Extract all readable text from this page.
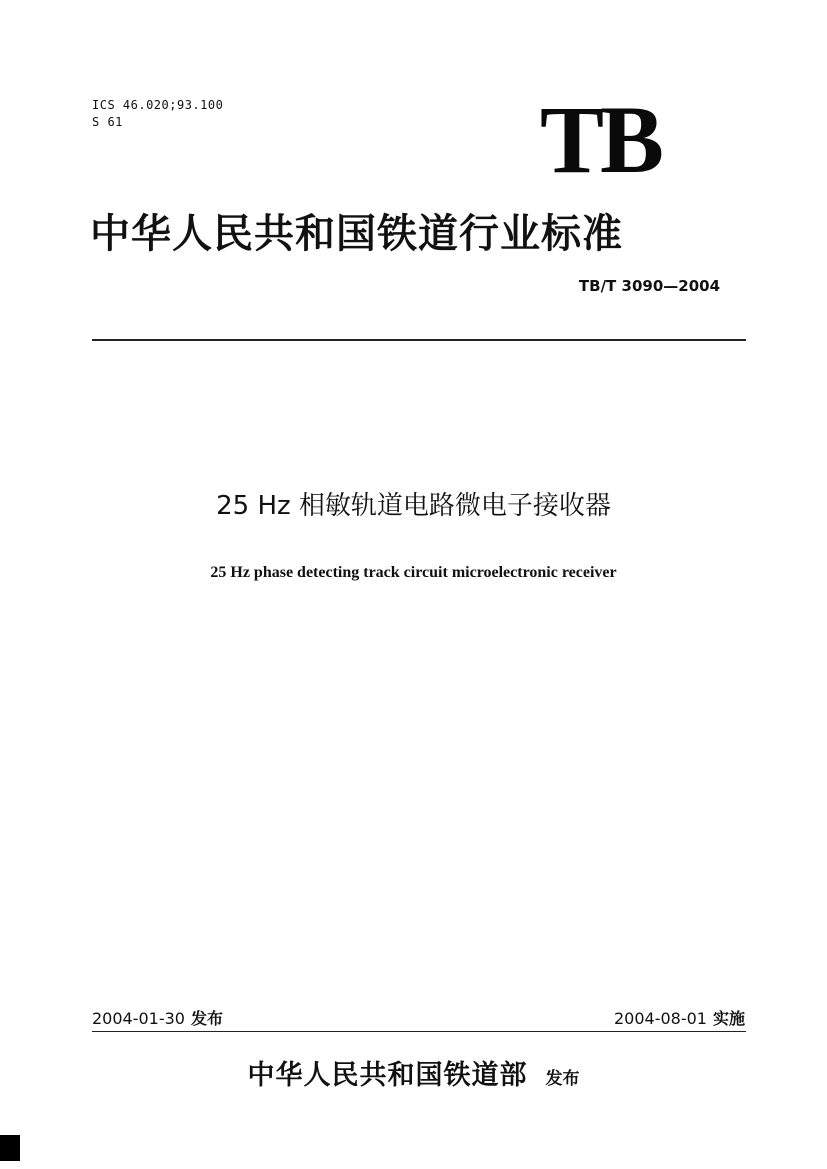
ICS 46.020;93.100
S 61	TB
中华人民共和国铁道行业标准
TB/T 3090—2004
25 Hz 相敏轨道电路微电子接收器
25 Hz phase detecting track circuit microelectronic receiver
2004-01-30 发布	2004-08-01 实施
中华人民共和国铁道部 发布
